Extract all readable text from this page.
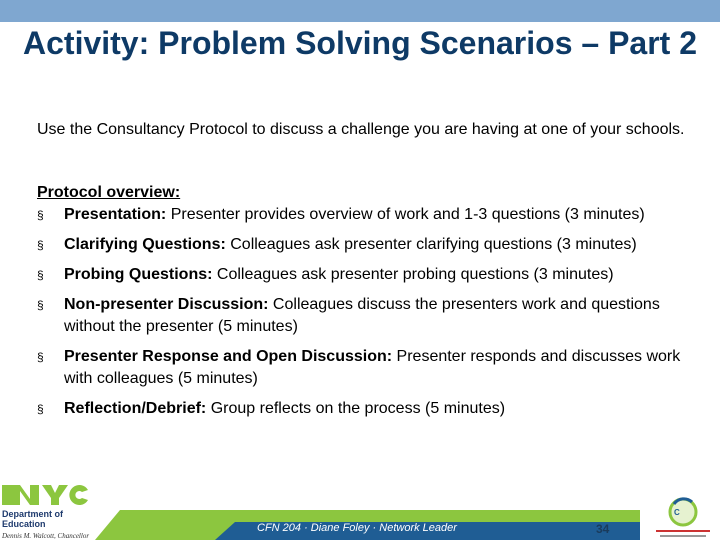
Activity: Problem Solving Scenarios – Part 2

Use the Consultancy Protocol to discuss a challenge you are having at one of your schools.

Protocol overview:

§ Presentation: Presenter provides overview of work and 1-3 questions (3 minutes)
§ Clarifying Questions: Colleagues ask presenter clarifying questions (3 minutes)
§ Probing Questions: Colleagues ask presenter probing questions (3 minutes)
§ Non-presenter Discussion: Colleagues discuss the presenters work and questions without the presenter (5 minutes)
§ Presenter Response and Open Discussion: Presenter responds and discusses work with colleagues (5 minutes)
§ Reflection/Debrief: Group reflects on the process (5 minutes)
CFN 204 · Diane Foley · Network Leader	34
Department of
Education
Dennis M. Walcott, Chancellor
C
